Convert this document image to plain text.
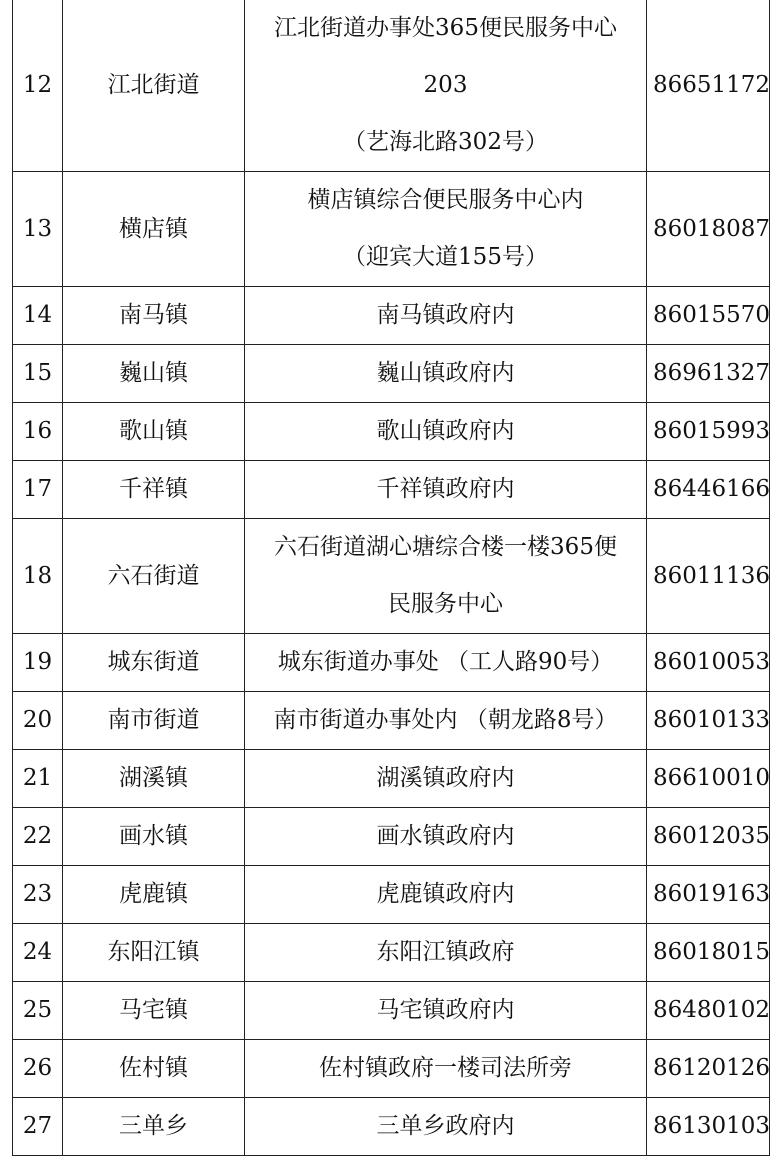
12	江北街道	江北街道办事处365便民服务中心
203
（艺海北路302号）	86651172
13	横店镇	横店镇综合便民服务中心内
（迎宾大道155号）	86018087
14	南马镇	南马镇政府内	86015570
15	巍山镇	巍山镇政府内	86961327
16	歌山镇	歌山镇政府内	86015993
17	千祥镇	千祥镇政府内	86446166
18	六石街道	六石街道湖心塘综合楼一楼365便
民服务中心	86011136
19	城东街道	城东街道办事处 （工人路90号）	86010053
20	南市街道	南市街道办事处内 （朝龙路8号）	86010133
21	湖溪镇	湖溪镇政府内	86610010
22	画水镇	画水镇政府内	86012035
23	虎鹿镇	虎鹿镇政府内	86019163
24	东阳江镇	东阳江镇政府	86018015
25	马宅镇	马宅镇政府内	86480102
26	佐村镇	佐村镇政府一楼司法所旁	86120126
27	三单乡	三单乡政府内	86130103
